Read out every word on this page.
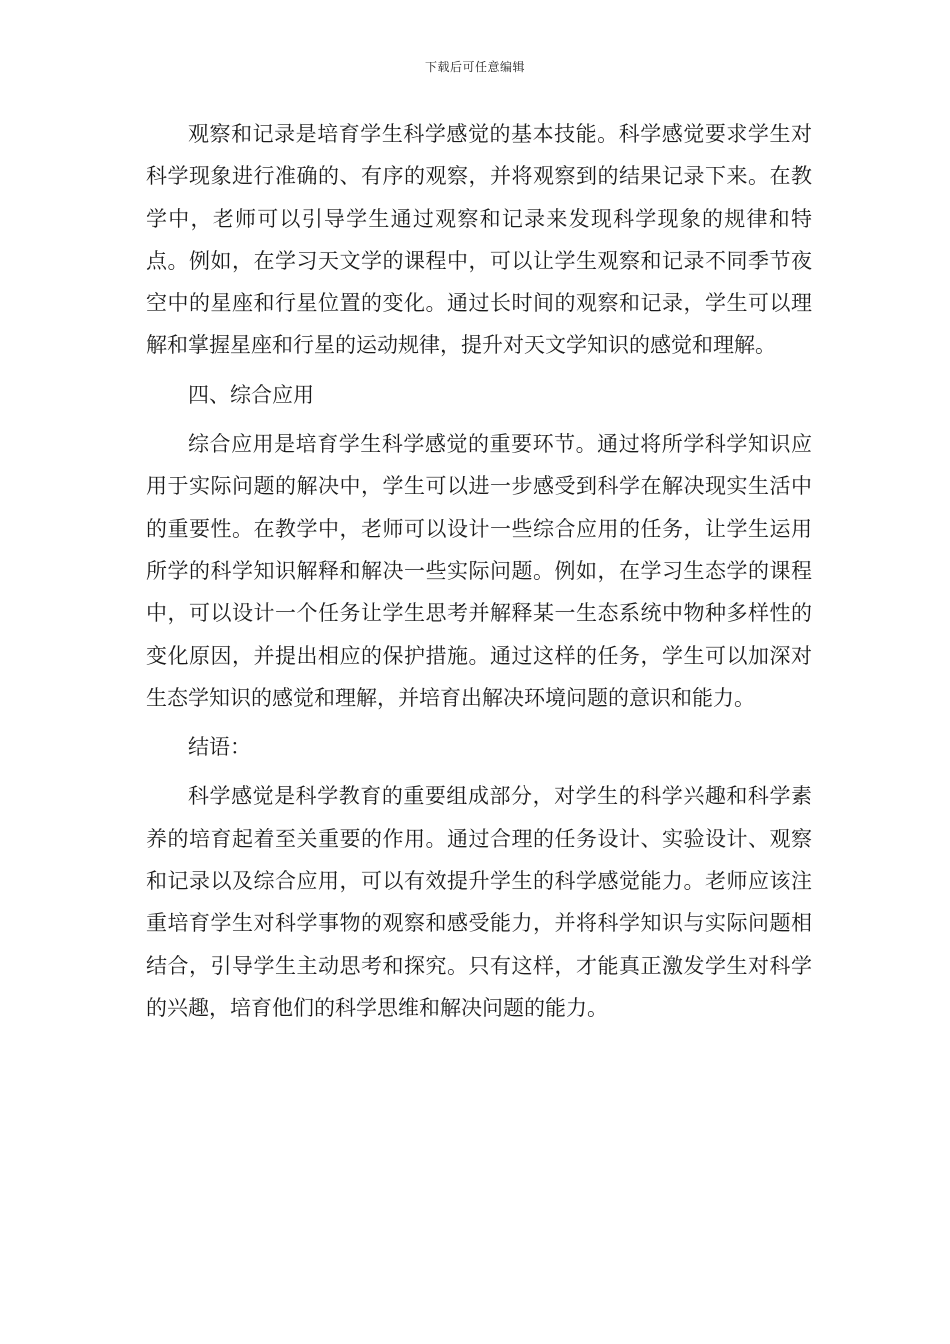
下载后可任意编辑

观察和记录是培育学生科学感觉的基本技能。科学感觉要求学生对科学现象进行准确的、有序的观察，并将观察到的结果记录下来。在教学中，老师可以引导学生通过观察和记录来发现科学现象的规律和特点。例如，在学习天文学的课程中，可以让学生观察和记录不同季节夜空中的星座和行星位置的变化。通过长时间的观察和记录，学生可以理解和掌握星座和行星的运动规律，提升对天文学知识的感觉和理解。

四、综合应用

综合应用是培育学生科学感觉的重要环节。通过将所学科学知识应用于实际问题的解决中，学生可以进一步感受到科学在解决现实生活中的重要性。在教学中，老师可以设计一些综合应用的任务，让学生运用所学的科学知识解释和解决一些实际问题。例如，在学习生态学的课程中，可以设计一个任务让学生思考并解释某一生态系统中物种多样性的变化原因，并提出相应的保护措施。通过这样的任务，学生可以加深对生态学知识的感觉和理解，并培育出解决环境问题的意识和能力。

结语：

科学感觉是科学教育的重要组成部分，对学生的科学兴趣和科学素养的培育起着至关重要的作用。通过合理的任务设计、实验设计、观察和记录以及综合应用，可以有效提升学生的科学感觉能力。老师应该注重培育学生对科学事物的观察和感受能力，并将科学知识与实际问题相结合，引导学生主动思考和探究。只有这样，才能真正激发学生对科学的兴趣，培育他们的科学思维和解决问题的能力。
